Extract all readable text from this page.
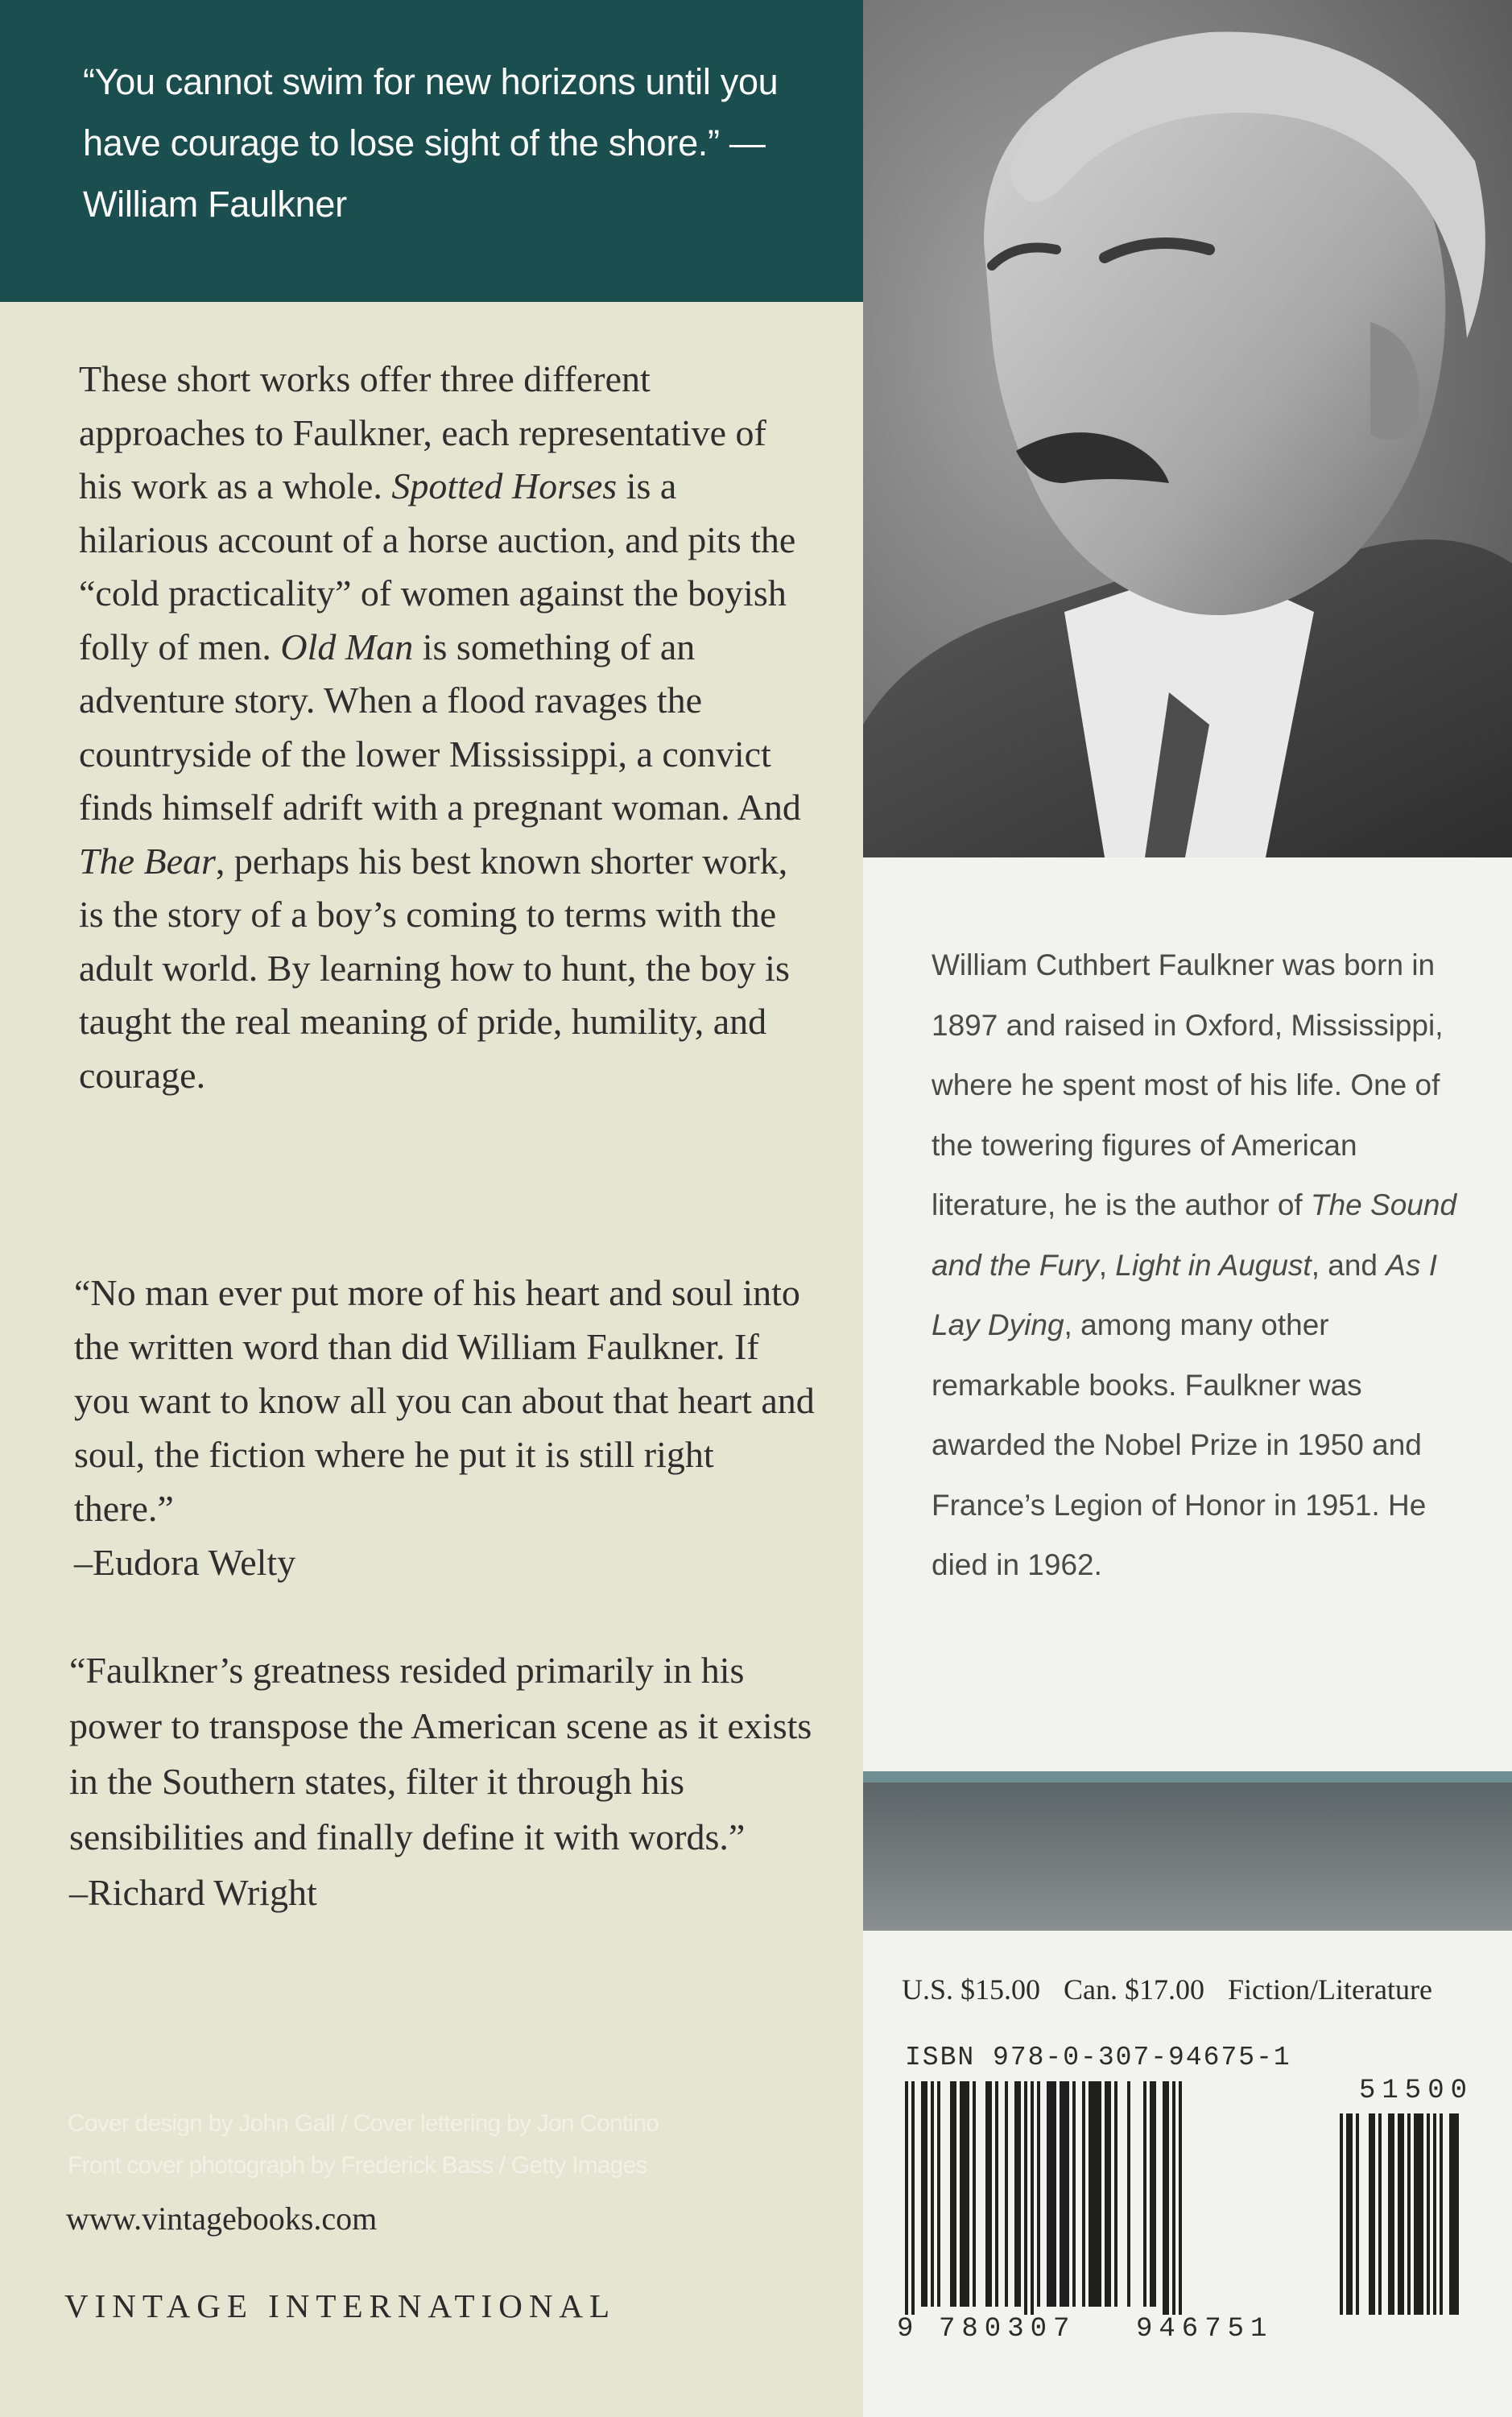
“You cannot swim for new horizons until you have courage to lose sight of the shore.” —William Faulkner

These short works offer three different approaches to Faulkner, each representative of his work as a whole. Spotted Horses is a hilarious account of a horse auction, and pits the “cold practicality” of women against the boyish folly of men. Old Man is something of an adventure story. When a flood ravages the countryside of the lower Mississippi, a convict finds himself adrift with a pregnant woman. And The Bear, perhaps his best known shorter work, is the story of a boy’s coming to terms with the adult world. By learning how to hunt, the boy is taught the real meaning of pride, humility, and courage.

“No man ever put more of his heart and soul into the written word than did William Faulkner. If you want to know all you can about that heart and soul, the fiction where he put it is still right there.”
–Eudora Welty
“Faulkner’s greatness resided primarily in his power to transpose the American scene as it exists in the Southern states, filter it through his sensibilities and finally define it with words.”
–Richard Wright
Cover design by John Gall / Cover lettering by Jon Contino
Front cover photograph by Frederick Bass / Getty Images
www.vintagebooks.com
VINTAGE INTERNATIONAL
William Cuthbert Faulkner was born in 1897 and raised in Oxford, Mississippi, where he spent most of his life. One of the towering figures of American literature, he is the author of The Sound and the Fury, Light in August, and As I Lay Dying, among many other remarkable books. Faulkner was awarded the Nobel Prize in 1950 and France’s Legion of Honor in 1951. He died in 1962.
U.S. $15.00 Can. $17.00 Fiction/Literature
ISBN 978-0-307-94675-1
9 780307 946751
51500
